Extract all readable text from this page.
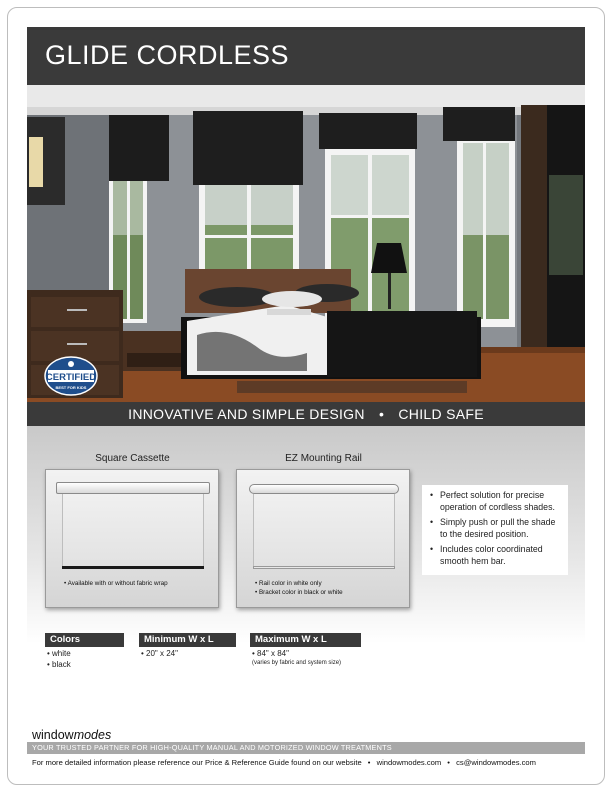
GLIDE CORDLESS
CERTIFIED
BEST FOR KIDS
INNOVATIVE AND SIMPLE DESIGN • CHILD SAFE
Square Cassette
• Available with or without fabric wrap
EZ Mounting Rail
• Rail color in white only
• Bracket color in black or white
• Perfect solution for precise operation of cordless shades.
• Simply push or pull the shade to the desired position.
• Includes color coordinated smooth hem bar.
Colors
• white
• black
Minimum W x L
• 20" x 24"
Maximum W x L
• 84" x 84"
(varies by fabric and system size)
windowmodes
YOUR TRUSTED PARTNER FOR HIGH-QUALITY MANUAL AND MOTORIZED WINDOW TREATMENTS
For more detailed information please reference our Price & Reference Guide found on our website • windowmodes.com • cs@windowmodes.com
